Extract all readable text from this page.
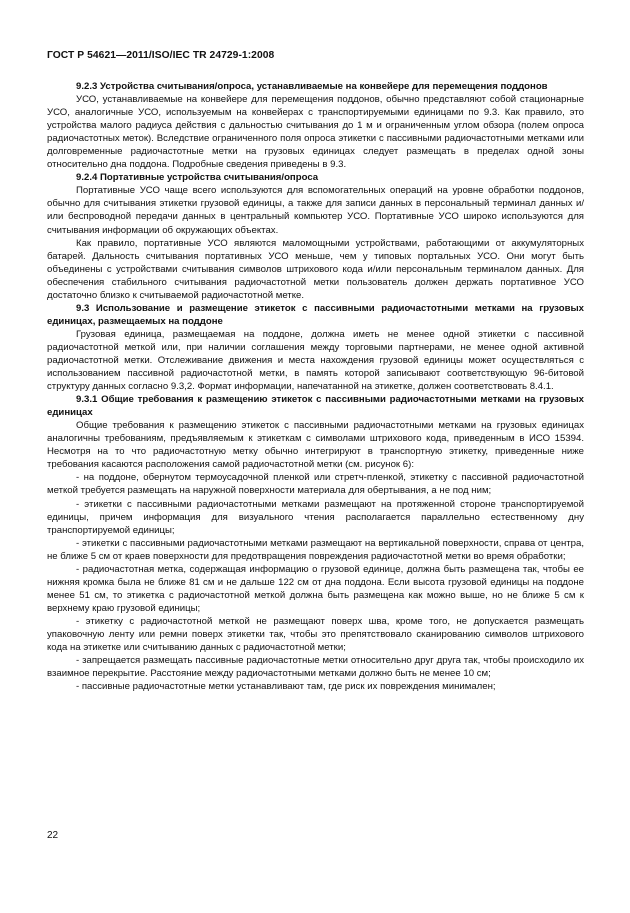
ГОСТ Р 54621—2011/ISO/IEC TR 24729-1:2008

9.2.3 Устройства считывания/опроса, устанавливаемые на конвейере для перемещения поддонов

УСО, устанавливаемые на конвейере для перемещения поддонов, обычно представляют собой стационарные УСО, аналогичные УСО, используемым на конвейерах с транспортируемыми единицами по 9.3. Как правило, это устройства малого радиуса действия с дальностью считывания до 1 м и ограниченным углом обзора (полем опроса радиочастотных меток). Вследствие ограниченного поля опроса этикетки с пассивными радиочастотными метками или долговременные радиочастотные метки на грузовых единицах следует размещать в пределах одной зоны относительно дна поддона. Подробные сведения приведены в 9.3.

9.2.4 Портативные устройства считывания/опроса

Портативные УСО чаще всего используются для вспомогательных операций на уровне обработки поддонов, обычно для считывания этикетки грузовой единицы, а также для записи данных в персональный терминал данных и/или беспроводной передачи данных в центральный компьютер УСО. Портативные УСО широко используются для считывания информации об окружающих объектах.

Как правило, портативные УСО являются маломощными устройствами, работающими от аккумуляторных батарей. Дальность считывания портативных УСО меньше, чем у типовых портальных УСО. Они могут быть объединены с устройствами считывания символов штрихового кода и/или персональным терминалом данных. Для обеспечения стабильного считывания радиочастотной метки пользователь должен держать портативное УСО достаточно близко к считываемой радиочастотной метке.

9.3 Использование и размещение этикеток с пассивными радиочастотными метками на грузовых единицах, размещаемых на поддоне

Грузовая единица, размещаемая на поддоне, должна иметь не менее одной этикетки с пассивной радиочастотной меткой или, при наличии соглашения между торговыми партнерами, не менее одной активной радиочастотной метки. Отслеживание движения и места нахождения грузовой единицы может осуществляться с использованием пассивной радиочастотной метки, в память которой записывают соответствующую 96-битовой структуру данных согласно 9.3,2. Формат информации, напечатанной на этикетке, должен соответствовать 8.4.1.

9.3.1 Общие требования к размещению этикеток с пассивными радиочастотными метками на грузовых единицах

Общие требования к размещению этикеток с пассивными радиочастотными метками на грузовых единицах аналогичны требованиям, предъявляемым к этикеткам с символами штрихового кода, приведенным в ИСО 15394. Несмотря на то что радиочастотную метку обычно интегрируют в транспортную этикетку, приведенные ниже требования касаются расположения самой радиочастотной метки (см. рисунок 6):

- на поддоне, обернутом термоусадочной пленкой или стретч-пленкой, этикетку с пассивной радиочастотной меткой требуется размещать на наружной поверхности материала для обертывания, а не под ним;

- этикетки с пассивными радиочастотными метками размещают на протяженной стороне транспортируемой единицы, причем информация для визуального чтения располагается параллельно естественному дну транспортируемой единицы;

- этикетки с пассивными радиочастотными метками размещают на вертикальной поверхности, справа от центра, не ближе 5 см от краев поверхности для предотвращения повреждения радиочастотной метки во время обработки;

- радиочастотная метка, содержащая информацию о грузовой единице, должна быть размещена так, чтобы ее нижняя кромка была не ближе 81 см и не дальше 122 см от дна поддона. Если высота грузовой единицы на поддоне менее 51 см, то этикетка с радиочастотной меткой должна быть размещена как можно выше, но не ближе 5 см к верхнему краю грузовой единицы;

- этикетку с радиочастотной меткой не размещают поверх шва, кроме того, не допускается размещать упаковочную ленту или ремни поверх этикетки так, чтобы это препятствовало сканированию символов штрихового кода на этикетке или считыванию данных с радиочастотной метки;

- запрещается размещать пассивные радиочастотные метки относительно друг друга так, чтобы происходило их взаимное перекрытие. Расстояние между радиочастотными метками должно быть не менее 10 см;

- пассивные радиочастотные метки устанавливают там, где риск их повреждения минимален;

22
